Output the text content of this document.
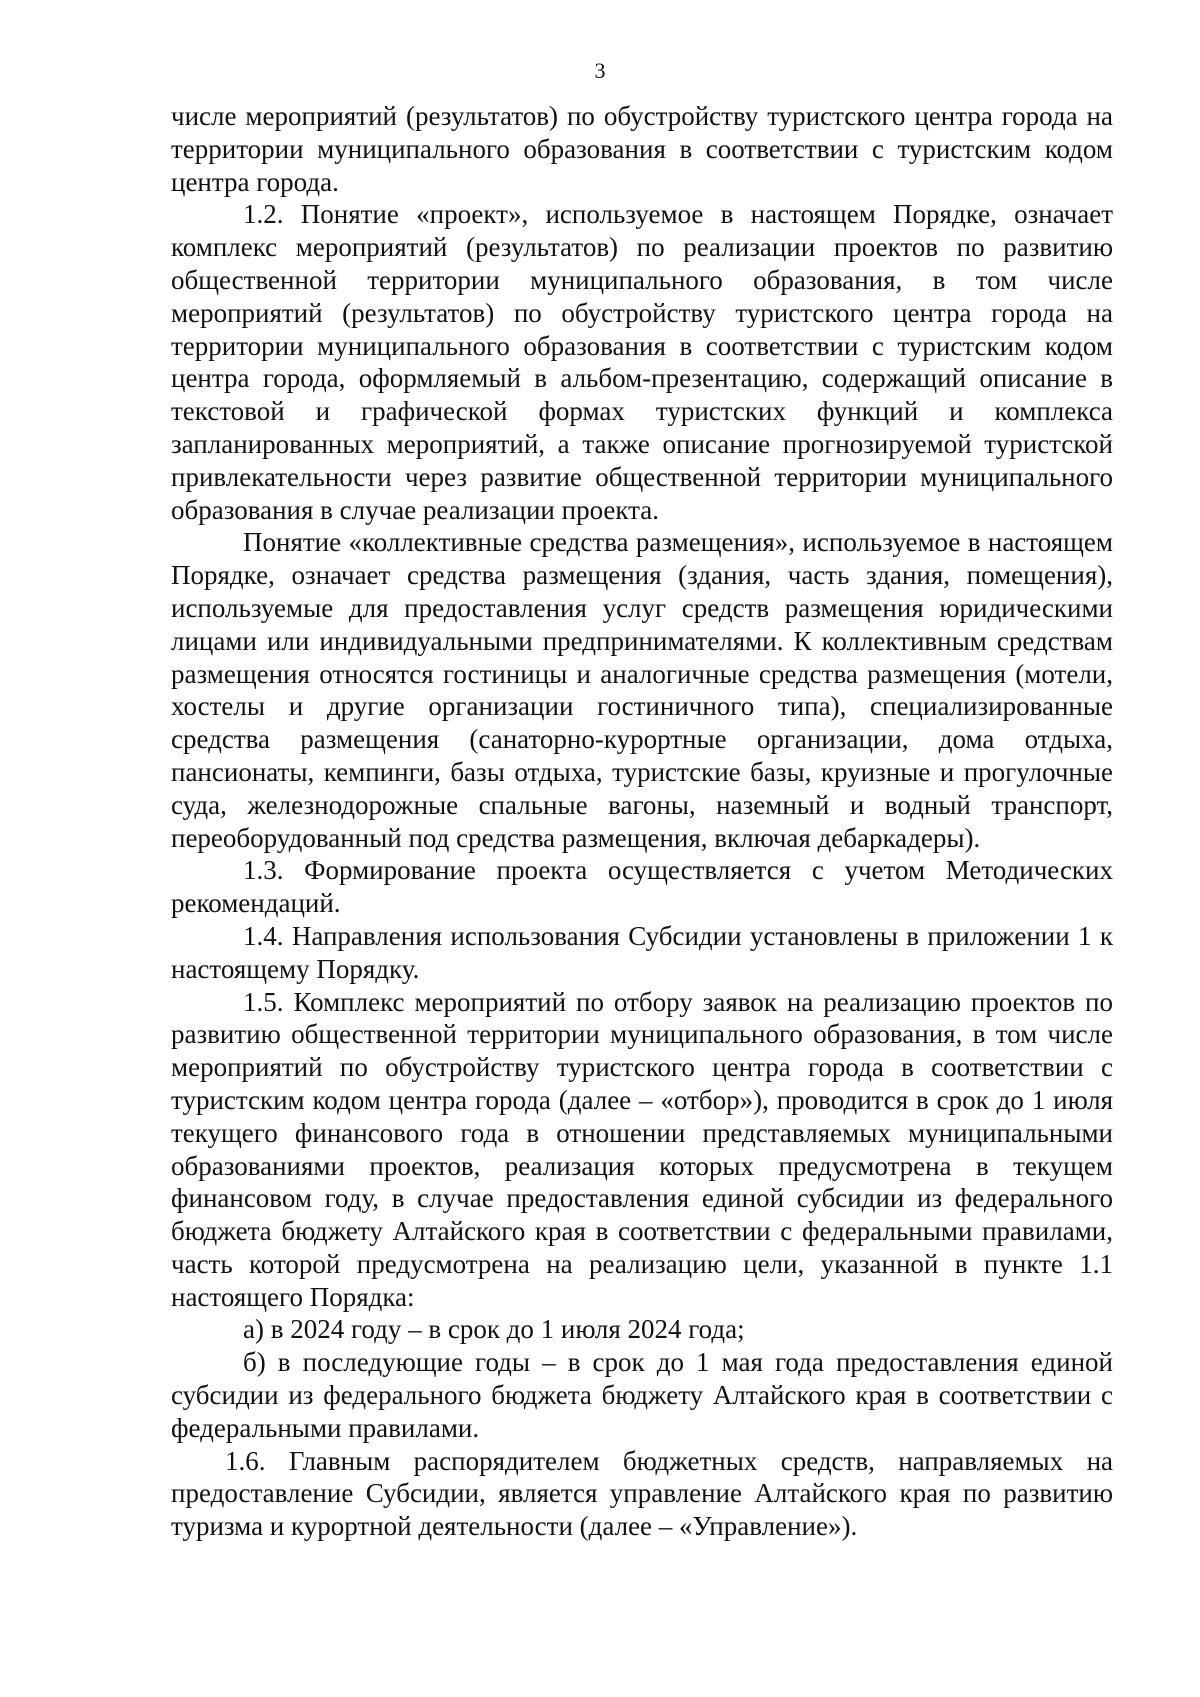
3

числе мероприятий (результатов) по обустройству туристского центра города на территории муниципального образования в соответствии с туристским кодом центра города.

1.2. Понятие «проект», используемое в настоящем Порядке, означает комплекс мероприятий (результатов) по реализации проектов по развитию общественной территории муниципального образования, в том числе мероприятий (результатов) по обустройству туристского центра города на территории муниципального образования в соответствии с туристским кодом центра города, оформляемый в альбом-презентацию, содержащий описание в текстовой и графической формах туристских функций и комплекса запланированных мероприятий, а также описание прогнозируемой туристской привлекательности через развитие общественной территории муниципального образования в случае реализации проекта.

Понятие «коллективные средства размещения», используемое в настоящем Порядке, означает средства размещения (здания, часть здания, помещения), используемые для предоставления услуг средств размещения юридическими лицами или индивидуальными предпринимателями. К коллективным средствам размещения относятся гостиницы и аналогичные средства размещения (мотели, хостелы и другие организации гостиничного типа), специализированные средства размещения (санаторно-курортные организации, дома отдыха, пансионаты, кемпинги, базы отдыха, туристские базы, круизные и прогулочные суда, железнодорожные спальные вагоны, наземный и водный транспорт, переоборудованный под средства размещения, включая дебаркадеры).

1.3. Формирование проекта осуществляется с учетом Методических рекомендаций.

1.4. Направления использования Субсидии установлены в приложении 1 к настоящему Порядку.

1.5. Комплекс мероприятий по отбору заявок на реализацию проектов по развитию общественной территории муниципального образования, в том числе мероприятий по обустройству туристского центра города в соответствии с туристским кодом центра города (далее – «отбор»), проводится в срок до 1 июля текущего финансового года в отношении представляемых муниципальными образованиями проектов, реализация которых предусмотрена в текущем финансовом году, в случае предоставления единой субсидии из федерального бюджета бюджету Алтайского края в соответствии с федеральными правилами, часть которой предусмотрена на реализацию цели, указанной в пункте 1.1 настоящего Порядка:

а) в 2024 году – в срок до 1 июля 2024 года;

б) в последующие годы – в срок до 1 мая года предоставления единой субсидии из федерального бюджета бюджету Алтайского края в соответствии с федеральными правилами.

1.6. Главным распорядителем бюджетных средств, направляемых на предоставление Субсидии, является управление Алтайского края по развитию туризма и курортной деятельности (далее – «Управление»).
